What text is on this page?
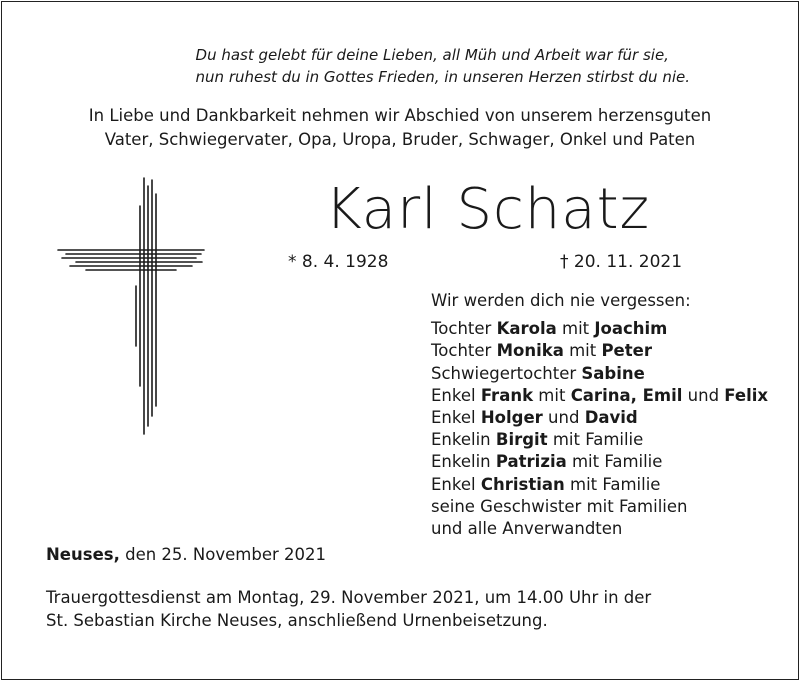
Du hast gelebt für deine Lieben, all Müh und Arbeit war für sie,
nun ruhest du in Gottes Frieden, in unseren Herzen stirbst du nie.
In Liebe und Dankbarkeit nehmen wir Abschied von unserem herzensguten
Vater, Schwiegervater, Opa, Uropa, Bruder, Schwager, Onkel und Paten
Karl Schatz
* 8. 4. 1928	† 20. 11. 2021
Wir werden dich nie vergessen:
Tochter Karola mit Joachim
Tochter Monika mit Peter
Schwiegertochter Sabine
Enkel Frank mit Carina, Emil und Felix
Enkel Holger und David
Enkelin Birgit mit Familie
Enkelin Patrizia mit Familie
Enkel Christian mit Familie
seine Geschwister mit Familien
und alle Anverwandten
Neuses, den 25. November 2021
Trauergottesdienst am Montag, 29. November 2021, um 14.00 Uhr in der
St. Sebastian Kirche Neuses, anschließend Urnenbeisetzung.
